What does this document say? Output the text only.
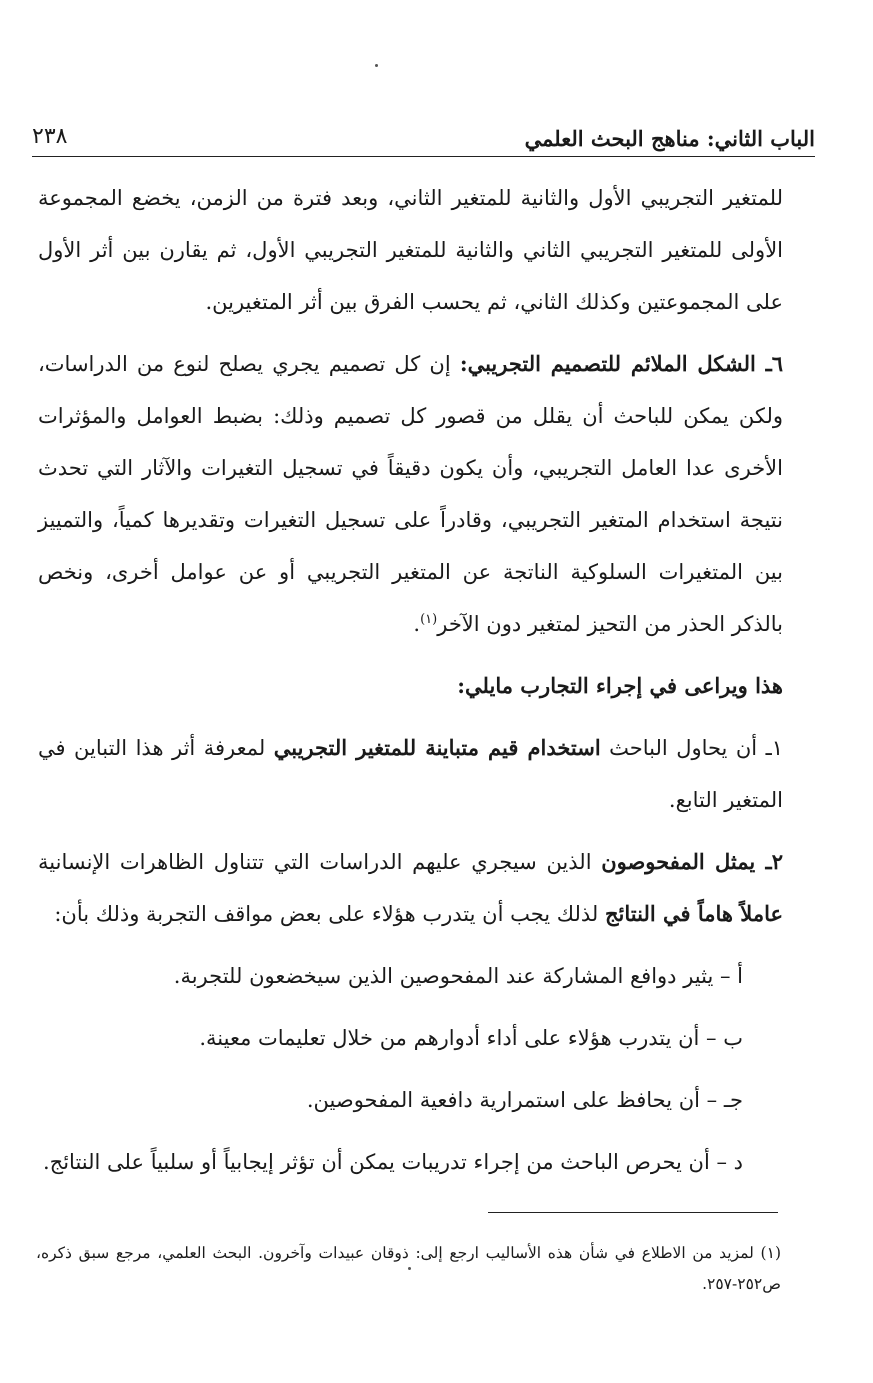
الباب الثاني: مناهج البحث العلمي
٢٣٨

للمتغير التجريبي الأول والثانية للمتغير الثاني، وبعد فترة من الزمن، يخضع المجموعة الأولى للمتغير التجريبي الثاني والثانية للمتغير التجريبي الأول، ثم يقارن بين أثر الأول على المجموعتين وكذلك الثاني، ثم يحسب الفرق بين أثر المتغيرين.

٦ـ الشكل الملائم للتصميم التجريبي: إن كل تصميم يجري يصلح لنوع من الدراسات، ولكن يمكن للباحث أن يقلل من قصور كل تصميم وذلك: بضبط العوامل والمؤثرات الأخرى عدا العامل التجريبي، وأن يكون دقيقاً في تسجيل التغيرات والآثار التي تحدث نتيجة استخدام المتغير التجريبي، وقادراً على تسجيل التغيرات وتقديرها كمياً، والتمييز بين المتغيرات السلوكية الناتجة عن المتغير التجريبي أو عن عوامل أخرى، ونخص بالذكر الحذر من التحيز لمتغير دون الآخر$^{(١)}$.

هذا ويراعى في إجراء التجارب مايلي:

١ـ أن يحاول الباحث استخدام قيم متباينة للمتغير التجريبي لمعرفة أثر هذا التباين في المتغير التابع.

٢ـ يمثل المفحوصون الذين سيجري عليهم الدراسات التي تتناول الظاهرات الإنسانية عاملاً هاماً في النتائج لذلك يجب أن يتدرب هؤلاء على بعض مواقف التجربة وذلك بأن:

أ – يثير دوافع المشاركة عند المفحوصين الذين سيخضعون للتجربة.

ب – أن يتدرب هؤلاء على أداء أدوارهم من خلال تعليمات معينة.

جـ – أن يحافظ على استمرارية دافعية المفحوصين.

د – أن يحرص الباحث من إجراء تدريبات يمكن أن تؤثر إيجابياً أو سلبياً على النتائج.

(١) لمزيد من الاطلاع في شأن هذه الأساليب ارجع إلى: ذوقان عبيدات وآخرون. البحث العلمي، مرجع سبق ذكره، ص٢٥٢-٢٥٧.
